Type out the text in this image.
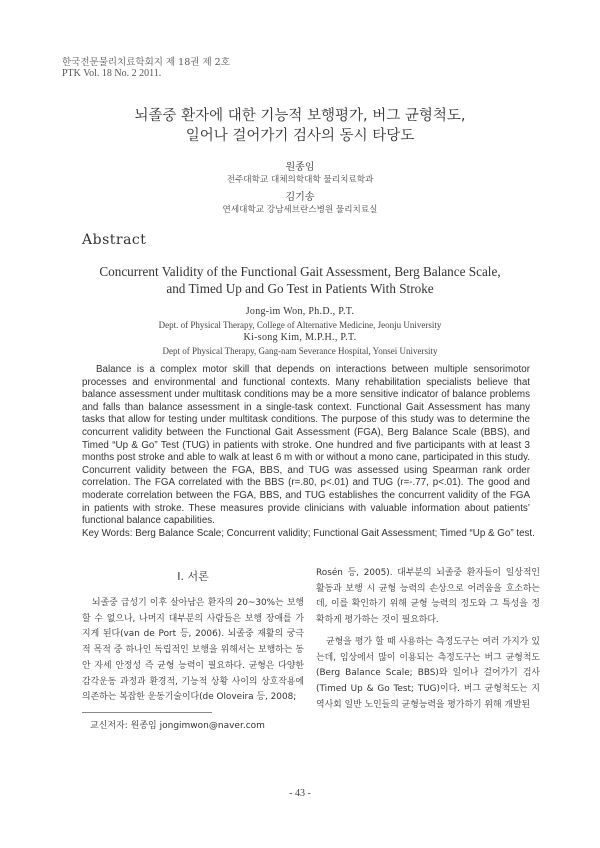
한국전문물리치료학회지 제 18권 제 2호
PTK Vol. 18 No. 2 2011.
뇌졸중 환자에 대한 기능적 보행평가, 버그 균형척도,
일어나 걸어가기 검사의 동시 타당도
원종임
전주대학교 대체의학대학 물리치료학과
김기송
연세대학교 강남세브란스병원 물리치료실
Abstract
Concurrent Validity of the Functional Gait Assessment, Berg Balance Scale,
and Timed Up and Go Test in Patients With Stroke
Jong-im Won, Ph.D., P.T.
Dept. of Physical Therapy, College of Alternative Medicine, Jeonju University
Ki-song Kim, M.P.H., P.T.
Dept of Physical Therapy, Gang-nam Severance Hospital, Yonsei University
Balance is a complex motor skill that depends on interactions between multiple sensorimotor processes and environmental and functional contexts. Many rehabilitation specialists believe that balance assessment under multitask conditions may be a more sensitive indicator of balance problems and falls than balance assessment in a single-task context. Functional Gait Assessment has many tasks that allow for testing under multitask conditions. The purpose of this study was to determine the concurrent validity between the Functional Gait Assessment (FGA), Berg Balance Scale (BBS), and Timed “Up & Go” Test (TUG) in patients with stroke. One hundred and five participants with at least 3 months post stroke and able to walk at least 6 m with or without a mono cane, participated in this study. Concurrent validity between the FGA, BBS, and TUG was assessed using Spearman rank order correlation. The FGA correlated with the BBS (r=.80, p<.01) and TUG (r=-.77, p<.01). The good and moderate correlation between the FGA, BBS, and TUG establishes the concurrent validity of the FGA in patients with stroke. These measures provide clinicians with valuable information about patients’ functional balance capabilities.
Key Words: Berg Balance Scale; Concurrent validity; Functional Gait Assessment; Timed “Up & Go” test.
Ⅰ. 서론
뇌졸중 급성기 이후 살아남은 환자의 20~30%는 보행할 수 없으나, 나머지 대부분의 사람들은 보행 장애를 가지게 된다(van de Port 등, 2006). 뇌졸중 재활의 궁극적 목적 중 하나인 독립적인 보행을 위해서는 보행하는 동안 자세 안정성 즉 균형 능력이 필요하다. 균형은 다양한 감각운동 과정과 환경적, 기능적 상황 사이의 상호작용에 의존하는 복잡한 운동기술이다(de Oloveira 등, 2008;
Rosén 등, 2005). 대부분의 뇌졸중 환자들이 일상적인 활동과 보행 시 균형 능력의 손상으로 어려움을 호소하는데, 이를 확인하기 위해 균형 능력의 정도와 그 특성을 정확하게 평가하는 것이 필요하다.
균형을 평가 할 때 사용하는 측정도구는 여러 가지가 있는데, 임상에서 많이 이용되는 측정도구는 버그 균형척도(Berg Balance Scale; BBS)와 일어나 걸어가기 검사(Timed Up & Go Test; TUG)이다. 버그 균형척도는 지역사회 일반 노인들의 균형능력을 평가하기 위해 개발된
교신저자: 원종임 jongimwon@naver.com
- 43 -
